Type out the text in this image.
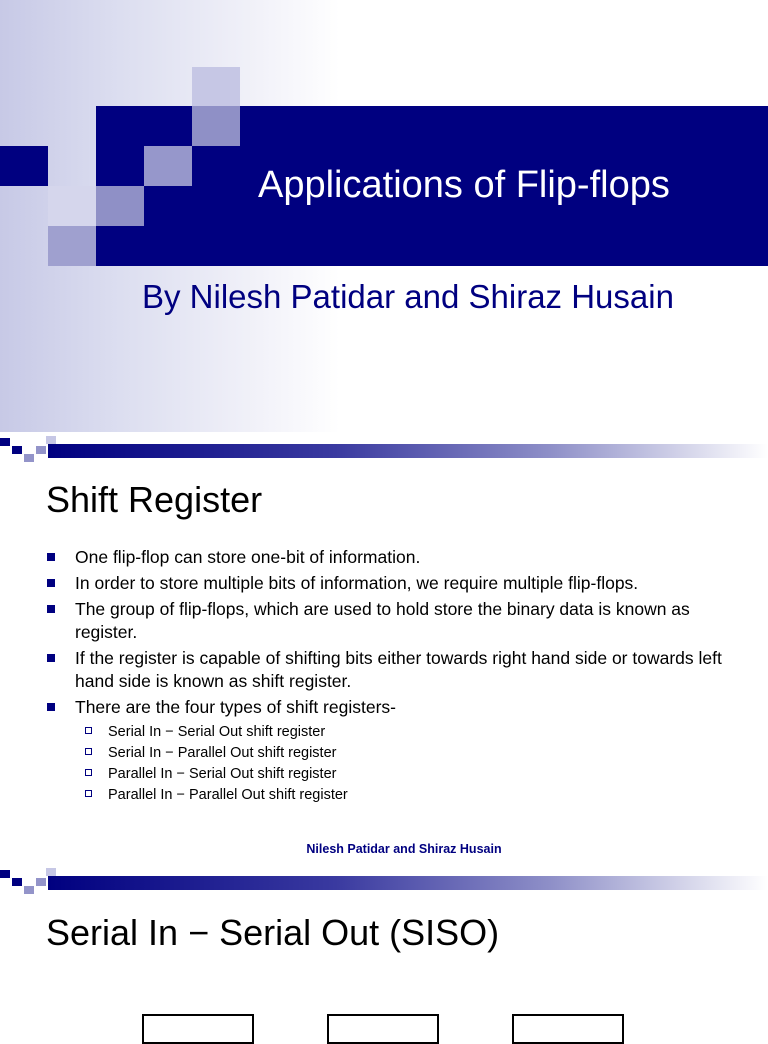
Applications of Flip-flops
By Nilesh Patidar and Shiraz Husain
Shift Register
One flip-flop can store one-bit of information.
In order to store multiple bits of information, we require multiple flip-flops.
The group of flip-flops, which are used to hold store the binary data is known as register.
If the register is capable of shifting bits either towards right hand side or towards left hand side is known as shift register.
There are the four types of shift registers-
Serial In − Serial Out shift register
Serial In − Parallel Out shift register
Parallel In − Serial Out shift register
Parallel In − Parallel Out shift register
Nilesh Patidar and Shiraz Husain
Serial In − Serial Out (SISO)
